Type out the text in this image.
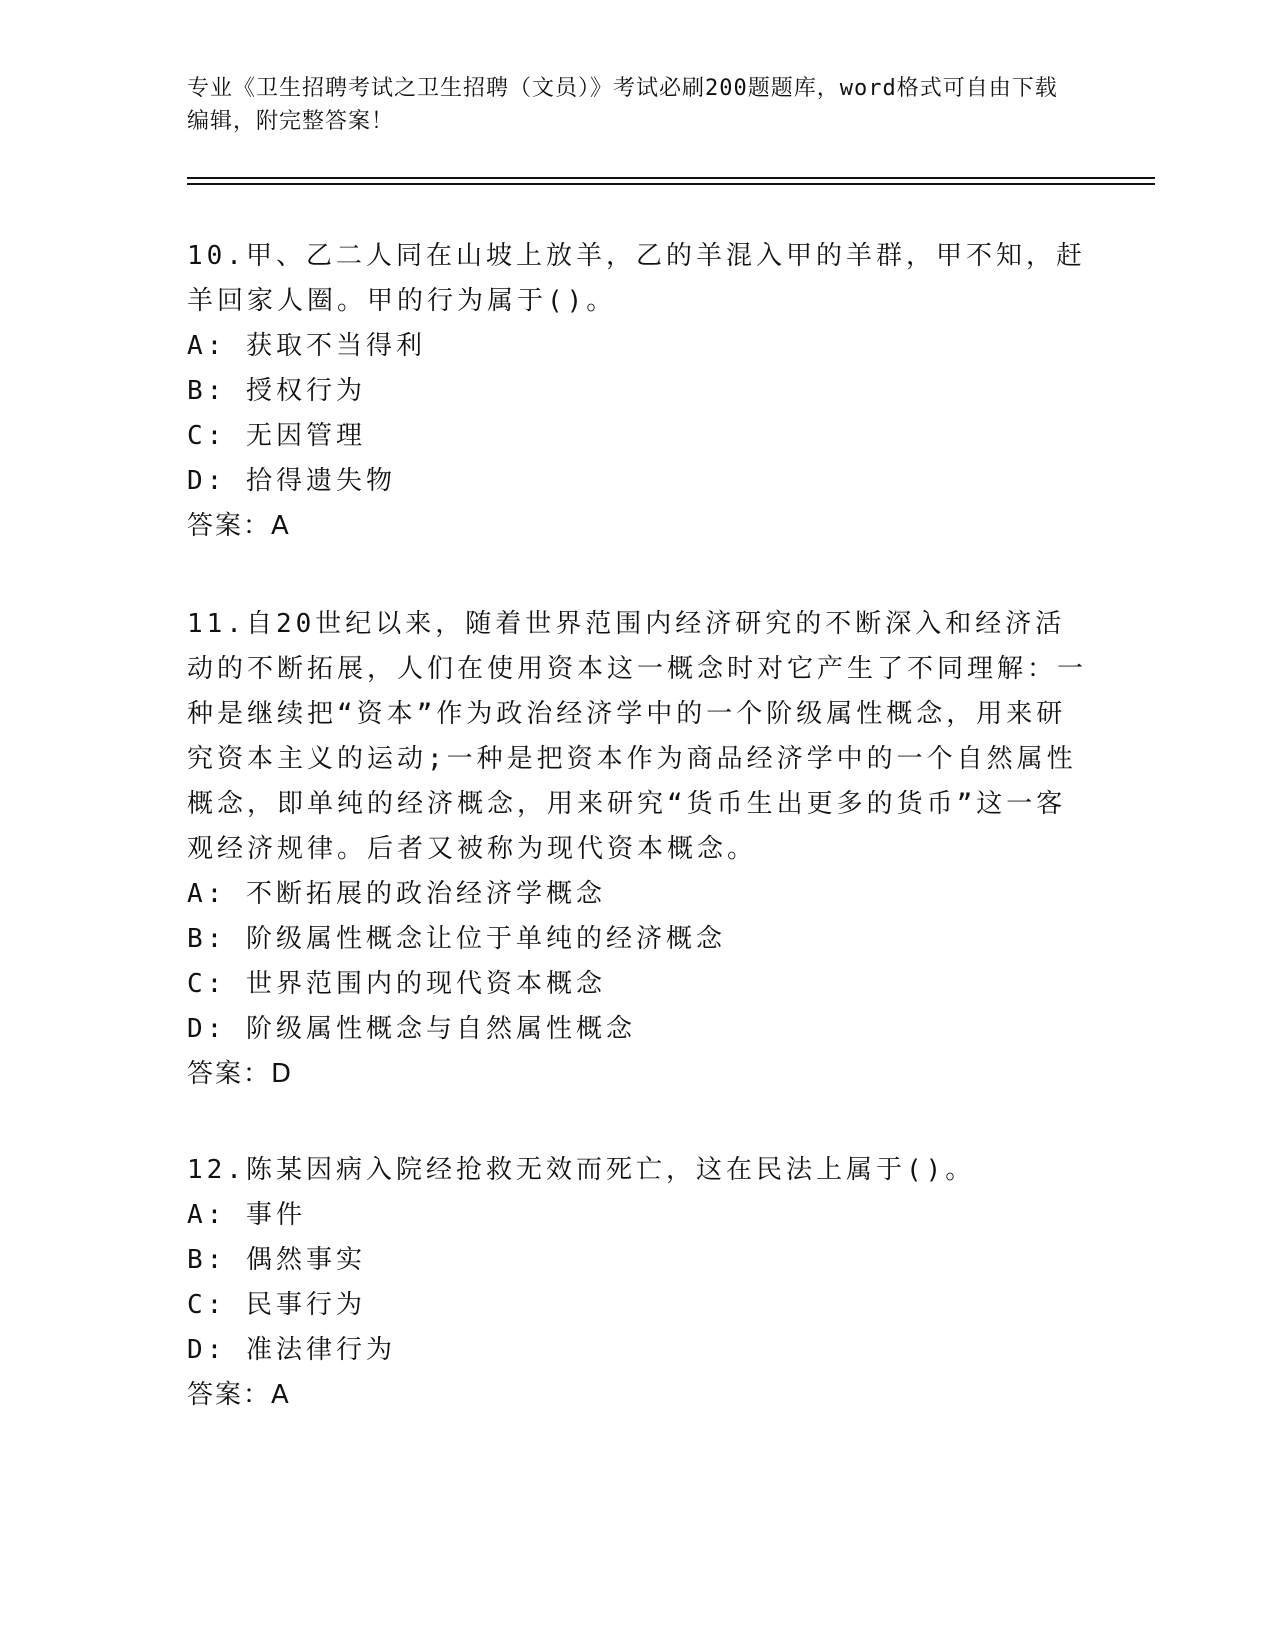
专业《卫生招聘考试之卫生招聘（文员）》考试必刷200题题库，word格式可自由下载编辑，附完整答案！
10.甲、乙二人同在山坡上放羊，乙的羊混入甲的羊群，甲不知，赶羊回家人圈。甲的行为属于()。
A: 获取不当得利
B: 授权行为
C: 无因管理
D: 拾得遗失物
答案：A
11.自20世纪以来，随着世界范围内经济研究的不断深入和经济活动的不断拓展，人们在使用资本这一概念时对它产生了不同理解：一种是继续把“资本”作为政治经济学中的一个阶级属性概念，用来研究资本主义的运动;一种是把资本作为商品经济学中的一个自然属性概念，即单纯的经济概念，用来研究“货币生出更多的货币”这一客观经济规律。后者又被称为现代资本概念。
A: 不断拓展的政治经济学概念
B: 阶级属性概念让位于单纯的经济概念
C: 世界范围内的现代资本概念
D: 阶级属性概念与自然属性概念
答案：D
12.陈某因病入院经抢救无效而死亡，这在民法上属于()。
A: 事件
B: 偶然事实
C: 民事行为
D: 准法律行为
答案：A
